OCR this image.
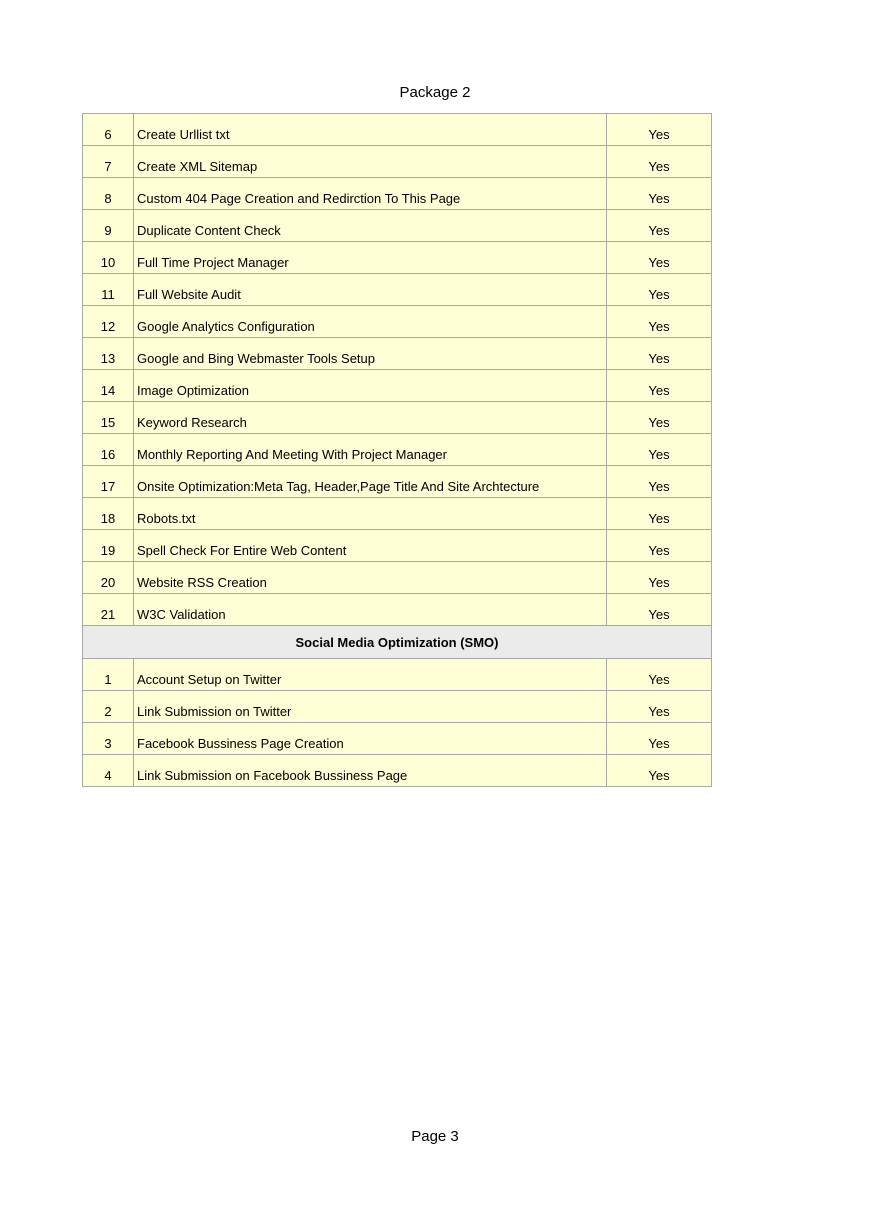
Package 2
6	Create Urllist txt	Yes
7	Create XML Sitemap	Yes
8	Custom 404 Page Creation and Redirction To This Page	Yes
9	Duplicate Content Check	Yes
10	Full Time Project Manager	Yes
11	Full Website Audit	Yes
12	Google Analytics Configuration	Yes
13	Google and Bing Webmaster Tools Setup	Yes
14	Image Optimization	Yes
15	Keyword Research	Yes
16	Monthly Reporting And Meeting With Project Manager	Yes
17	Onsite Optimization:Meta Tag, Header,Page Title And Site Archtecture	Yes
18	Robots.txt	Yes
19	Spell Check For Entire Web Content	Yes
20	Website RSS Creation	Yes
21	W3C Validation	Yes
Social Media Optimization (SMO)		
1	Account Setup on Twitter	Yes
2	Link Submission on Twitter	Yes
3	Facebook Bussiness Page Creation	Yes
4	Link Submission on Facebook Bussiness Page	Yes
Page 3
